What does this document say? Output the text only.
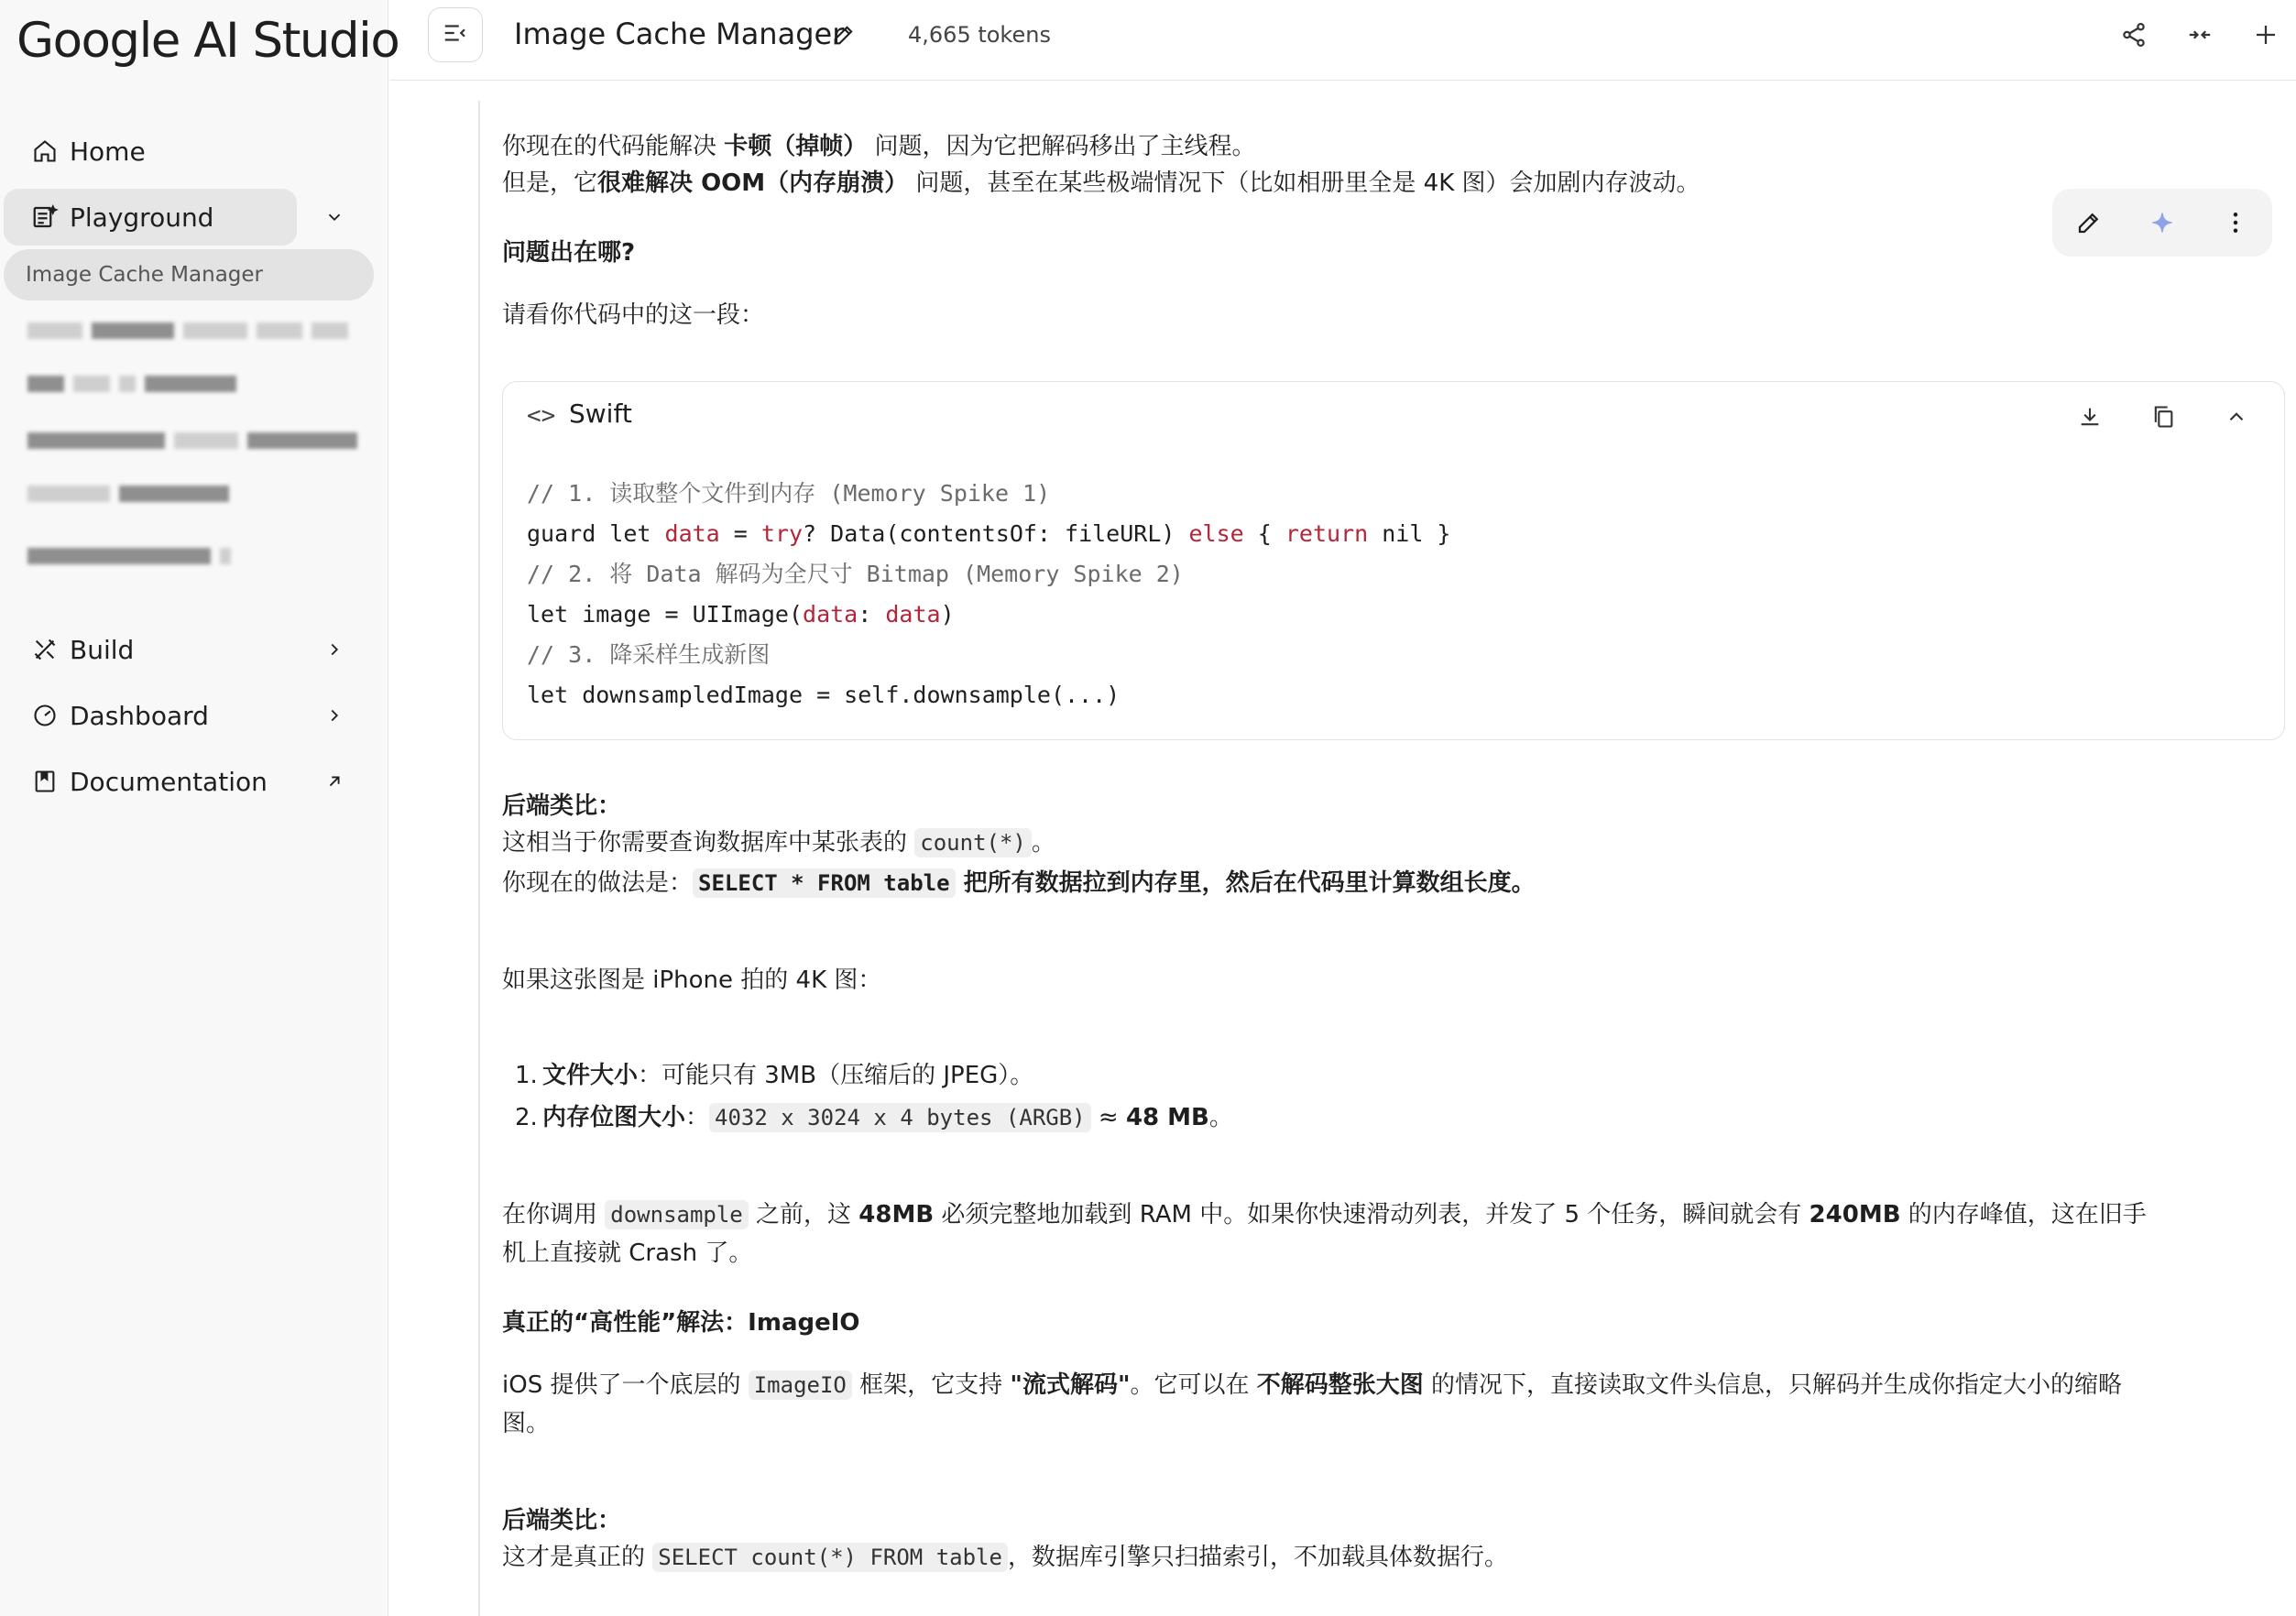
Google AI Studio
Home
Playground
Image Cache Manager
Build
Dashboard
Documentation
Image Cache Manager	4,665 tokens
你现在的代码能解决 卡顿（掉帧） 问题，因为它把解码移出了主线程。
但是，它很难解决 OOM（内存崩溃） 问题，甚至在某些极端情况下（比如相册里全是 4K 图）会加剧内存波动。
问题出在哪?
请看你代码中的这一段：
<> Swift
// 1. 读取整个文件到内存 (Memory Spike 1)
guard let data = try? Data(contentsOf: fileURL) else { return nil }
// 2. 将 Data 解码为全尺寸 Bitmap (Memory Spike 2)
let image = UIImage(data: data)
// 3. 降采样生成新图
let downsampledImage = self.downsample(...)
后端类比：
这相当于你需要查询数据库中某张表的 count(*) 。
你现在的做法是： SELECT * FROM table 把所有数据拉到内存里，然后在代码里计算数组长度。
如果这张图是 iPhone 拍的 4K 图：
1. 文件大小：可能只有 3MB（压缩后的 JPEG）。
2. 内存位图大小： 4032 x 3024 x 4 bytes (ARGB) ≈ 48 MB。
在你调用 downsample 之前，这 48MB 必须完整地加载到 RAM 中。如果你快速滑动列表，并发了 5 个任务，瞬间就会有 240MB 的内存峰值，这在旧手
机上直接就 Crash 了。
真正的“高性能”解法：ImageIO
iOS 提供了一个底层的 ImageIO 框架，它支持 "流式解码"。它可以在 不解码整张大图 的情况下，直接读取文件头信息，只解码并生成你指定大小的缩略
图。
后端类比：
这才是真正的 SELECT count(*) FROM table ，数据库引擎只扫描索引，不加载具体数据行。
